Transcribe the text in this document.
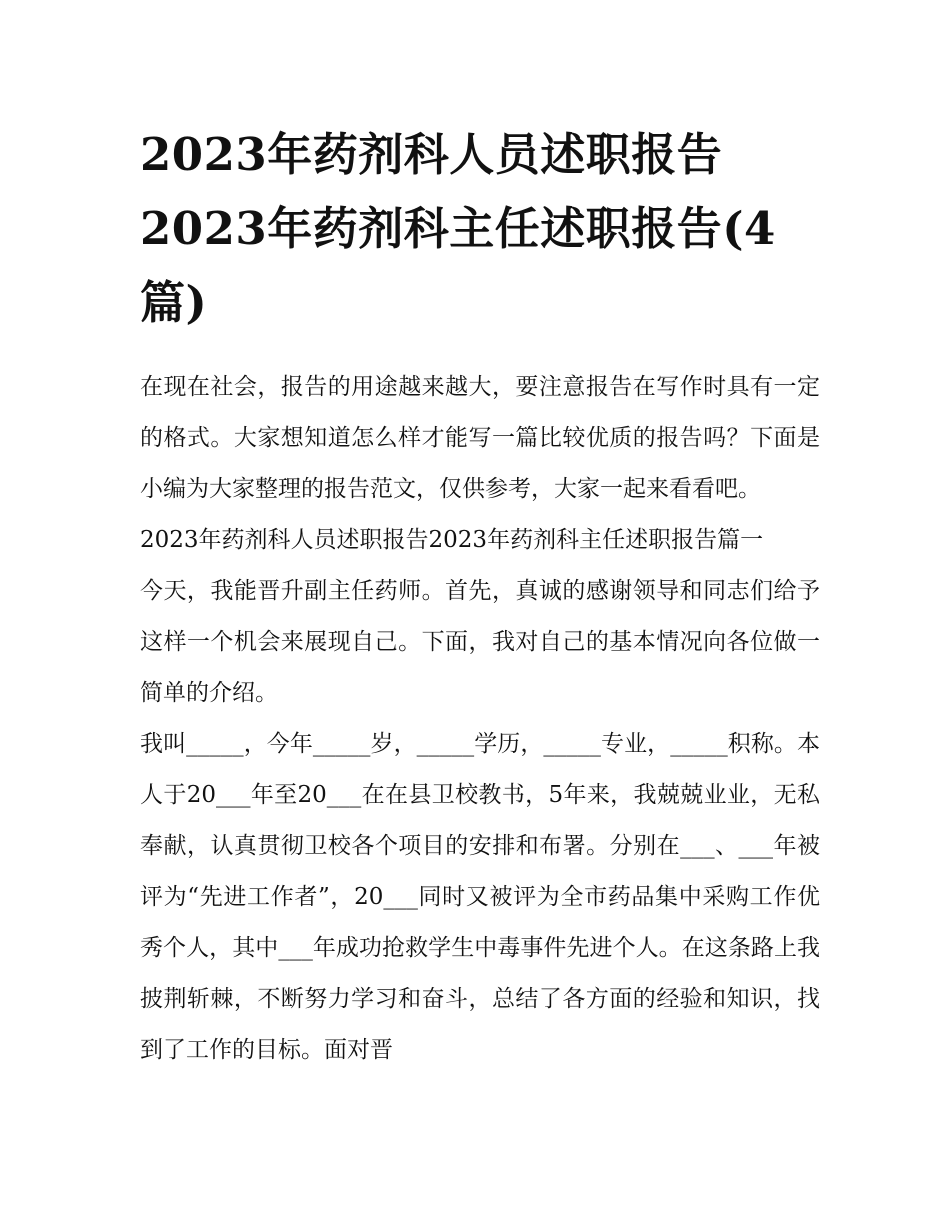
2023年药剂科人员述职报告2023年药剂科主任述职报告(4篇)

在现在社会，报告的用途越来越大，要注意报告在写作时具有一定的格式。大家想知道怎么样才能写一篇比较优质的报告吗？下面是小编为大家整理的报告范文，仅供参考，大家一起来看看吧。

2023年药剂科人员述职报告2023年药剂科主任述职报告篇一

今天，我能晋升副主任药师。首先，真诚的感谢领导和同志们给予这样一个机会来展现自己。下面，我对自己的基本情况向各位做一简单的介绍。

我叫_____，今年_____岁，_____学历，_____专业，_____积称。本人于20___年至20___在在县卫校教书，5年来，我兢兢业业，无私奉献，认真贯彻卫校各个项目的安排和布署。分别在___、___年被评为“先进工作者”，20___同时又被评为全市药品集中采购工作优秀个人，其中___年成功抢救学生中毒事件先进个人。在这条路上我披荆斩棘，不断努力学习和奋斗，总结了各方面的经验和知识，找到了工作的目标。面对晋
